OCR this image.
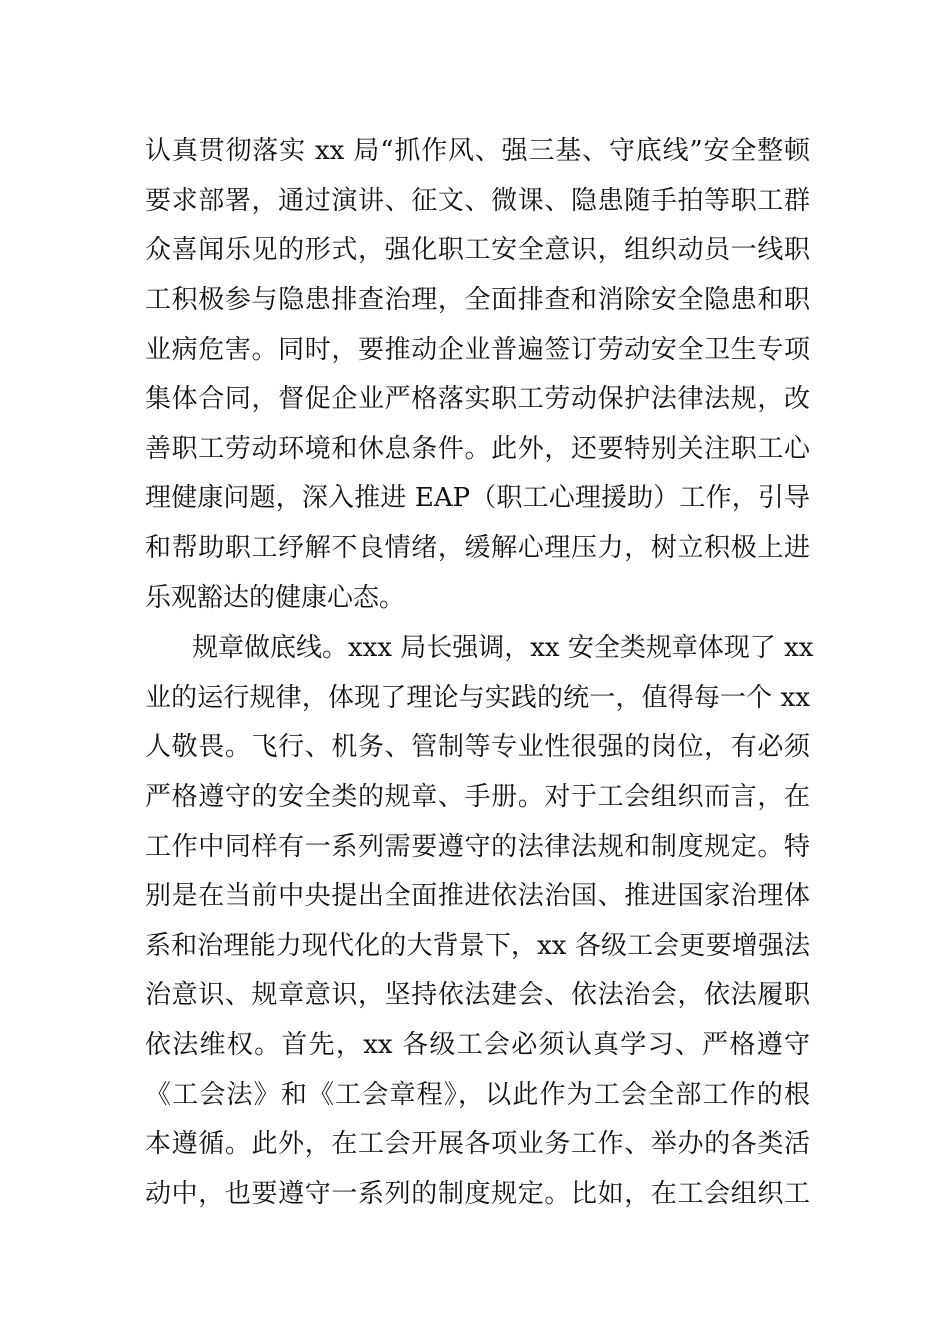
认真贯彻落实 xx 局“抓作风、强三基、守底线”安全整顿
要求部署，通过演讲、征文、微课、隐患随手拍等职工群
众喜闻乐见的形式，强化职工安全意识，组织动员一线职
工积极参与隐患排查治理，全面排查和消除安全隐患和职
业病危害。同时，要推动企业普遍签订劳动安全卫生专项
集体合同，督促企业严格落实职工劳动保护法律法规，改
善职工劳动环境和休息条件。此外，还要特别关注职工心
理健康问题，深入推进 EAP（职工心理援助）工作，引导
和帮助职工纾解不良情绪，缓解心理压力，树立积极上进
乐观豁达的健康心态。
规章做底线。xxx 局长强调，xx 安全类规章体现了 xx
业的运行规律，体现了理论与实践的统一，值得每一个 xx
人敬畏。飞行、机务、管制等专业性很强的岗位，有必须
严格遵守的安全类的规章、手册。对于工会组织而言，在
工作中同样有一系列需要遵守的法律法规和制度规定。特
别是在当前中央提出全面推进依法治国、推进国家治理体
系和治理能力现代化的大背景下，xx 各级工会更要增强法
治意识、规章意识，坚持依法建会、依法治会，依法履职
依法维权。首先，xx 各级工会必须认真学习、严格遵守
《工会法》和《工会章程》，以此作为工会全部工作的根
本遵循。此外，在工会开展各项业务工作、举办的各类活
动中，也要遵守一系列的制度规定。比如，在工会组织工
